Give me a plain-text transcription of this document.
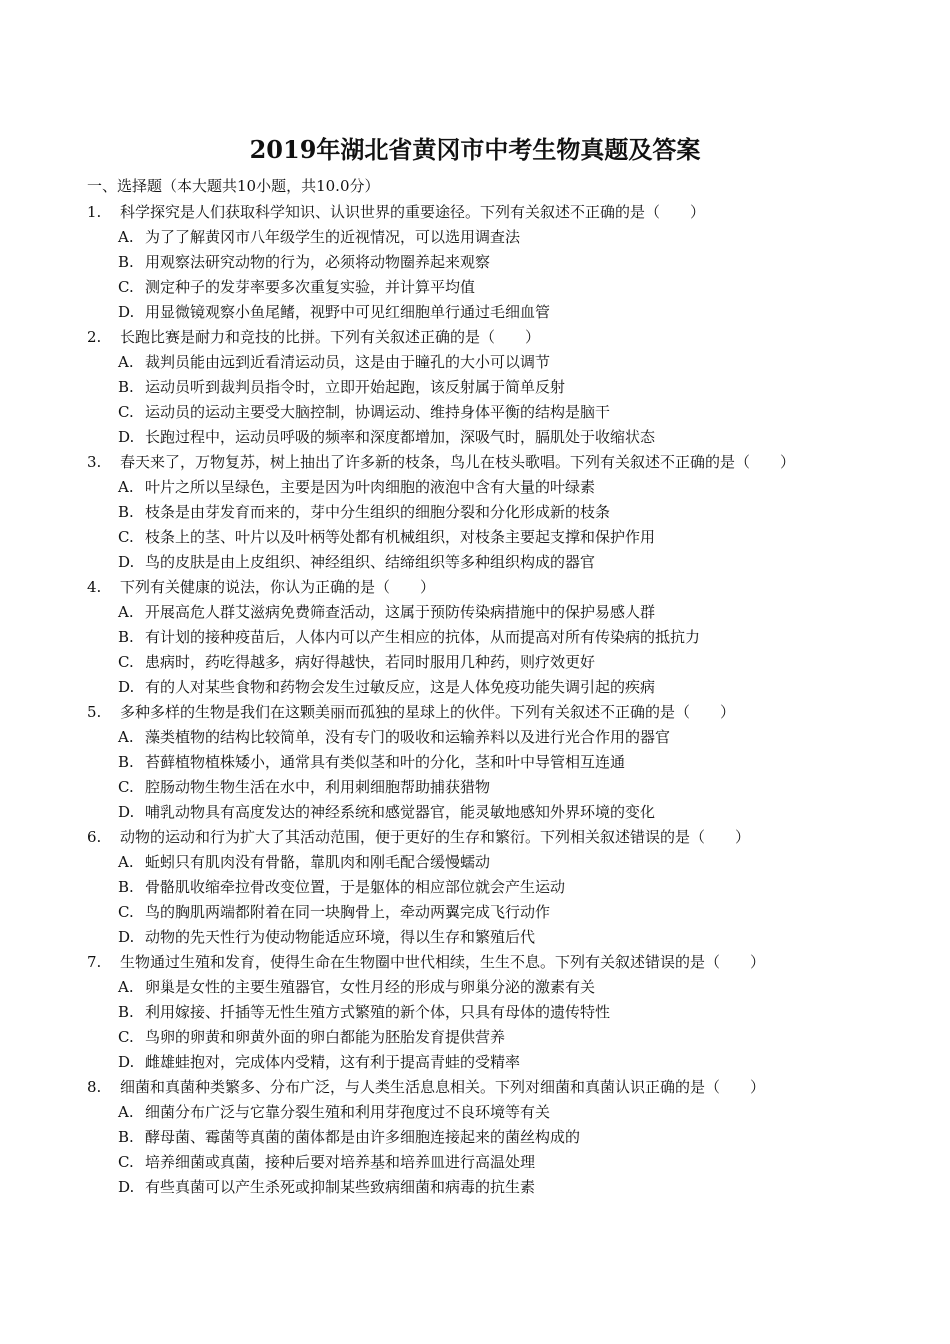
2019年湖北省黄冈市中考生物真题及答案
一、选择题（本大题共10小题，共10.0分）
1. 科学探究是人们获取科学知识、认识世界的重要途径。下列有关叙述不正确的是（　　）
A. 为了了解黄冈市八年级学生的近视情况，可以选用调查法
B. 用观察法研究动物的行为，必须将动物圈养起来观察
C. 测定种子的发芽率要多次重复实验，并计算平均值
D. 用显微镜观察小鱼尾鳍，视野中可见红细胞单行通过毛细血管
2. 长跑比赛是耐力和竞技的比拼。下列有关叙述正确的是（　　）
A. 裁判员能由远到近看清运动员，这是由于瞳孔的大小可以调节
B. 运动员听到裁判员指令时，立即开始起跑，该反射属于简单反射
C. 运动员的运动主要受大脑控制，协调运动、维持身体平衡的结构是脑干
D. 长跑过程中，运动员呼吸的频率和深度都增加，深吸气时，膈肌处于收缩状态
3. 春天来了，万物复苏，树上抽出了许多新的枝条，鸟儿在枝头歌唱。下列有关叙述不正确的是（　　）
A. 叶片之所以呈绿色，主要是因为叶肉细胞的液泡中含有大量的叶绿素
B. 枝条是由芽发育而来的，芽中分生组织的细胞分裂和分化形成新的枝条
C. 枝条上的茎、叶片以及叶柄等处都有机械组织，对枝条主要起支撑和保护作用
D. 鸟的皮肤是由上皮组织、神经组织、结缔组织等多种组织构成的器官
4. 下列有关健康的说法，你认为正确的是（　　）
A. 开展高危人群艾滋病免费筛查活动，这属于预防传染病措施中的保护易感人群
B. 有计划的接种疫苗后，人体内可以产生相应的抗体，从而提高对所有传染病的抵抗力
C. 患病时，药吃得越多，病好得越快，若同时服用几种药，则疗效更好
D. 有的人对某些食物和药物会发生过敏反应，这是人体免疫功能失调引起的疾病
5. 多种多样的生物是我们在这颗美丽而孤独的星球上的伙伴。下列有关叙述不正确的是（　　）
A. 藻类植物的结构比较简单，没有专门的吸收和运输养料以及进行光合作用的器官
B. 苔藓植物植株矮小，通常具有类似茎和叶的分化，茎和叶中导管相互连通
C. 腔肠动物生物生活在水中，利用刺细胞帮助捕获猎物
D. 哺乳动物具有高度发达的神经系统和感觉器官，能灵敏地感知外界环境的变化
6. 动物的运动和行为扩大了其活动范围，便于更好的生存和繁衍。下列相关叙述错误的是（　　）
A. 蚯蚓只有肌肉没有骨骼，靠肌肉和刚毛配合缓慢蠕动
B. 骨骼肌收缩牵拉骨改变位置，于是躯体的相应部位就会产生运动
C. 鸟的胸肌两端都附着在同一块胸骨上，牵动两翼完成飞行动作
D. 动物的先天性行为使动物能适应环境，得以生存和繁殖后代
7. 生物通过生殖和发育，使得生命在生物圈中世代相续，生生不息。下列有关叙述错误的是（　　）
A. 卵巢是女性的主要生殖器官，女性月经的形成与卵巢分泌的激素有关
B. 利用嫁接、扦插等无性生殖方式繁殖的新个体，只具有母体的遗传特性
C. 鸟卵的卵黄和卵黄外面的卵白都能为胚胎发育提供营养
D. 雌雄蛙抱对，完成体内受精，这有利于提高青蛙的受精率
8. 细菌和真菌种类繁多、分布广泛，与人类生活息息相关。下列对细菌和真菌认识正确的是（　　）
A. 细菌分布广泛与它靠分裂生殖和利用芽孢度过不良环境等有关
B. 酵母菌、霉菌等真菌的菌体都是由许多细胞连接起来的菌丝构成的
C. 培养细菌或真菌，接种后要对培养基和培养皿进行高温处理
D. 有些真菌可以产生杀死或抑制某些致病细菌和病毒的抗生素
